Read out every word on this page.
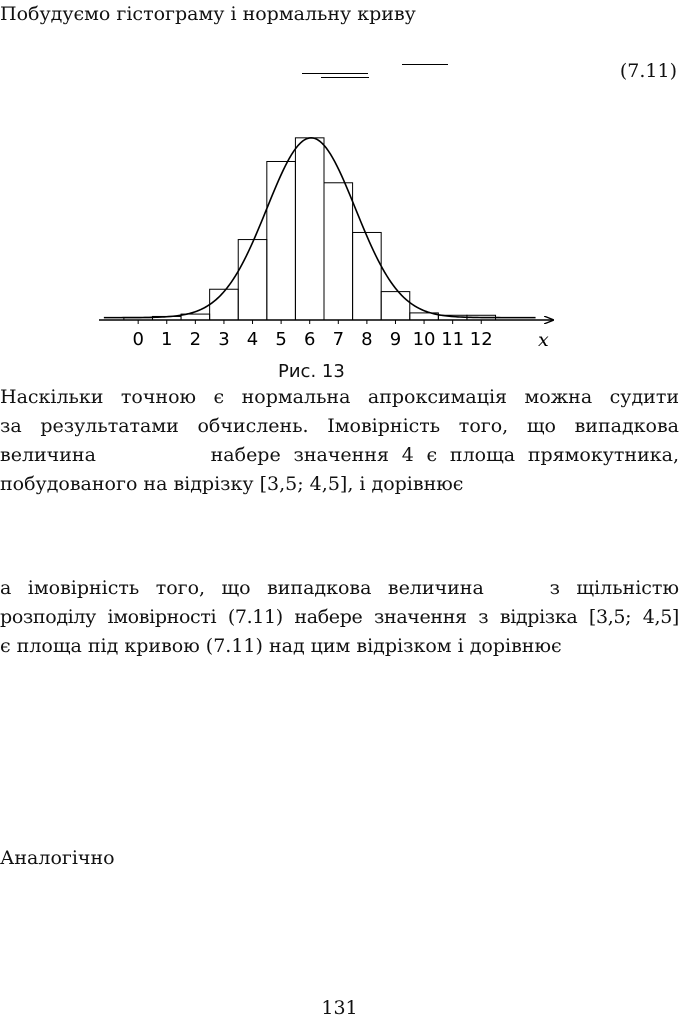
Побудуємо гістограму і нормальну криву
(7.11)
0 1 2 3 4 5 6 7 8 9 10 11 12 x
Рис. 13
Наскільки точною є нормальна апроксимація можна судити
за результатами обчислень. Імовірність того, що випадкова
величина         набере значення 4 є площа прямокутника,
побудованого на відрізку [3,5; 4,5], і дорівнює
а імовірність того, що випадкова величина    з щільністю
розподілу імовірності (7.11) набере значення з відрізка [3,5; 4,5]
є площа під кривою (7.11) над цим відрізком і дорівнює
Аналогічно
131
